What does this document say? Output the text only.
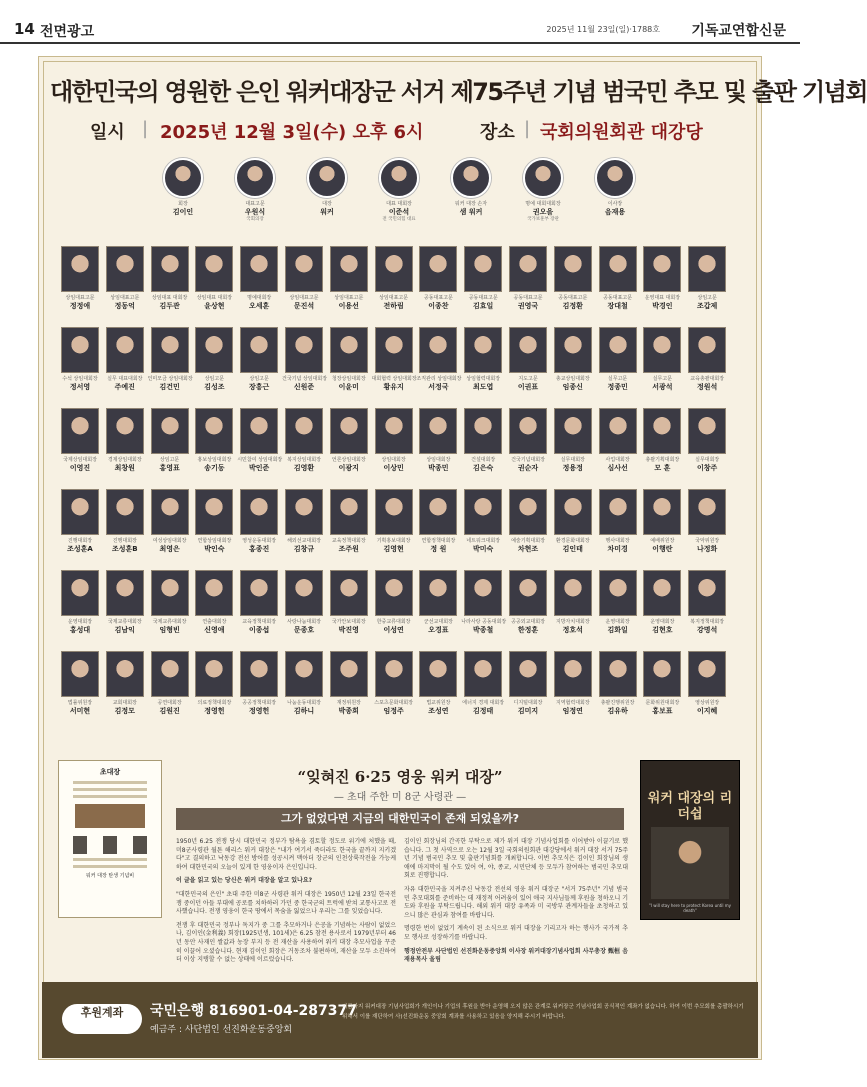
14 전면광고	2025년 11월 23일(일)·1788호 기독교연합신문
대한민국의 영원한 은인 워커대장군 서거 제75주년 기념 범국민 추모 및 출판 기념회
일시 | 2025년 12월 3일(수) 오후 6시	장소 | 국회의원회관 대강당
회장
김이인
대표고문
우원식
국회의장
대장
워커
대표 대회장
이준석
전 국민의힘 대표
워커 대장 손자
샘 워커
명예 대회대회장
권오을
국가보훈부 장관
이사장
음재용
상임대표고문
정정애
상임대표고문
정동억
상임대표 대회장
김두관
상임대표 대회장
윤상현
명예대회장
오세훈
상임대표고문
문진석
상임대표고문
이용선
상임대표고문
전하림
공동대표고문
이종찬
공동대표고문
김효일
공동대표고문
권영국
공동대표고문
김정환
공동대표고문
장대철
운영대표 대회장
박경인
상임고문
조갑제
수석 상임대회장
정서영
실무 대표대회장
주예진
인미모금 상임대회장
김건민
상임고문
김성조
상임고문
장흥근
건국기념 상임대회장
신원준
청장상임대회장
이윤미
대회협력 상임대회장
황유지
조직관리 상임대회장
서정국
상임협력대회장
최도엽
지도고문
이권표
총교상임대회장
임종신
실무고문
정종민
실무고문
서광석
교육총괄대회장
정원석
국제상임대회장
이영진
경제상임대회장
최창원
상임고문
홍영표
홍보상임대회장
송기동
시민참여 상임대회장
박인준
복지상임대회장
김영환
언론상임대회장
이광지
상임대회장
이상민
상임대회장
박종민
건설대회장
김은숙
건국기념대회장
권순자
실무대회장
정용정
사업대회장
심사선
총괄기획대회장
모 훈
실무대회장
이창주
진행대회장
조성훈A
진행대회장
조성훈B
여성상임대회장
최영은
연합상임대회장
박인숙
영성운동대회장
홍종진
해외선교대회장
김창규
교육정책대회장
조주원
기획홍보대회장
김영현
연합정책대회장
정 원
네트워크대회장
박미숙
예술기획대회장
차현조
환경문화대회장
김인태
행사대회장
차미경
예배위원장
이행란
국악위원장
나정화
운영대회장
홍성대
국제교류대회장
김남익
국제교류대회장
임형빈
연출대회장
신영애
교육정책대회장
이종섭
사랑나눔대회장
문종호
국가안보대회장
박진영
한중교류대회장
이성연
군선교대회장
오경표
나라사랑 공동대회장
박종철
공공외교대회장
한정훈
지방자치대회장
정호석
운영대회장
김화일
운영대회장
김현호
복지정책대회장
강명석
법률위원장
서미현
교회대회장
김정모
공연대회장
김원진
의료정책대회장
정영헌
공공정책대회장
정영헌
나눔운동대회장
김하니
재정위원장
박종희
스포츠문화대회장
임정주
법교위원장
조성연
에너지 경제 대회장
김정태
디지털대회장
김미지
지역협력대회장
임정연
총괄진행위원장
김유하
문화위원대회장
홍보표
영상위원장
이지혜
초대장
워커 대장 탄생 기념비
“잊혀진 6·25 영웅 워커 대장”
— 초대 주한 미 8군 사령관 —
그가 없었다면 지금의 대한민국이 존재 되었을까?

1950년 6.25 전쟁 당시 대한민국 정부가 탐욕을 겸토할 정도로 위기에 처했을 때, 미8군사령관 월튼 해리스 워커 대장은 "내가 여기서 죽더라도 한국을 끝까지 지키겠다"고 결의하고 낙동강 전선 방어를 성공시켜 맥아더 장군의 인천상륙작전을 가능케 하여 대한민국의 오늘이 있게 한 영웅이자 은인입니다.

이 글을 읽고 있는 당신은 워커 대장을 알고 있나요?

"대한민국의 은인" 초대 주한 미8군 사령관 워커 대장은 1950년 12월 23일 한국전쟁 중이던 아들 부대에 공로를 치하하러 가던 중 한국군의 트럭에 받쳐 교통사고로 전사했습니다. 전쟁 영웅이 한국 땅에서 목숨을 잃었으나 우리는 그를 잊었습니다.

전쟁 후 대한민국 정부나 독지가 중 그를 추모하거나 은공을 기념하는 사람이 없었으나, 김이인(金利義) 회장(1925년생, 101세)은 6.25 참전 용사로서 1979년부터 46년 동안 사재인 쌀값과 농장 부지 등 전 재산을 사용하여 워커 대장 추모사업을 꾸준히 이끌어 오셨습니다. 현재 김이인 회장은 거동조차 불편하며, 재산을 모두 소진하여 더 이상 지탱할 수 없는 상태에 이르렀습니다.

김이인 회장님의 간곡한 부탁으로 제가 워커 대장 기념사업회를 이어받아 이끌기로 했습니다. 그 첫 사역으로 오는 12월 3일 국회의원회관 대강당에서 워커 대장 서거 75주년 기념 범국민 추모 및 출판기념회를 개최합니다. 이번 추모식은 김이인 회장님의 생애에 마지막이 될 수도 있어 여, 야, 종교, 시민단체 등 모두가 참여하는 범국민 추모대회로 진행합니다.

자유 대한민국을 지켜주신 낙동강 전선의 영웅 워커 대장군 "서거 75주년" 기념 범국민 추모대회를 준비하는 데 재정적 어려움이 있어 애국 지사님들께 후원을 청하오니 기도와 후원을 부탁드립니다. 해외 워커 대장 유족과 미 국방부 관계자들을 초청하고 있으니 많은 관심과 참여를 바랍니다.

명령한 번이 없었기 계속이 된 소식으로 워커 대장을 기리고자 하는 행사가 국가적 추모 행사로 성장하기를 바랍니다.

행정안전부 사단법인 선진화운동중앙회 이사장 워커대장기념사업회 사무총장 甄桓 음재용목사 올림

워커 대장의 리더쉽
"I will stay here to protect Korea until my death"
후원계좌	국민은행 816901-04-287377
예금주 : 사단법인 선진화운동중앙회
지금까지 워커대장 기념사업회가 개인이나 기업의 후원을 받아 운영해 오지 않은 관계로 워커장군 기념사업회 공식적인 계좌가 없습니다. 하여 이번 추모회를 총괄하시기 위해서 이를 재단하여 사)선진화운동 중앙회 계좌를 사용하고 있음을 양지해 주시기 바랍니다.
